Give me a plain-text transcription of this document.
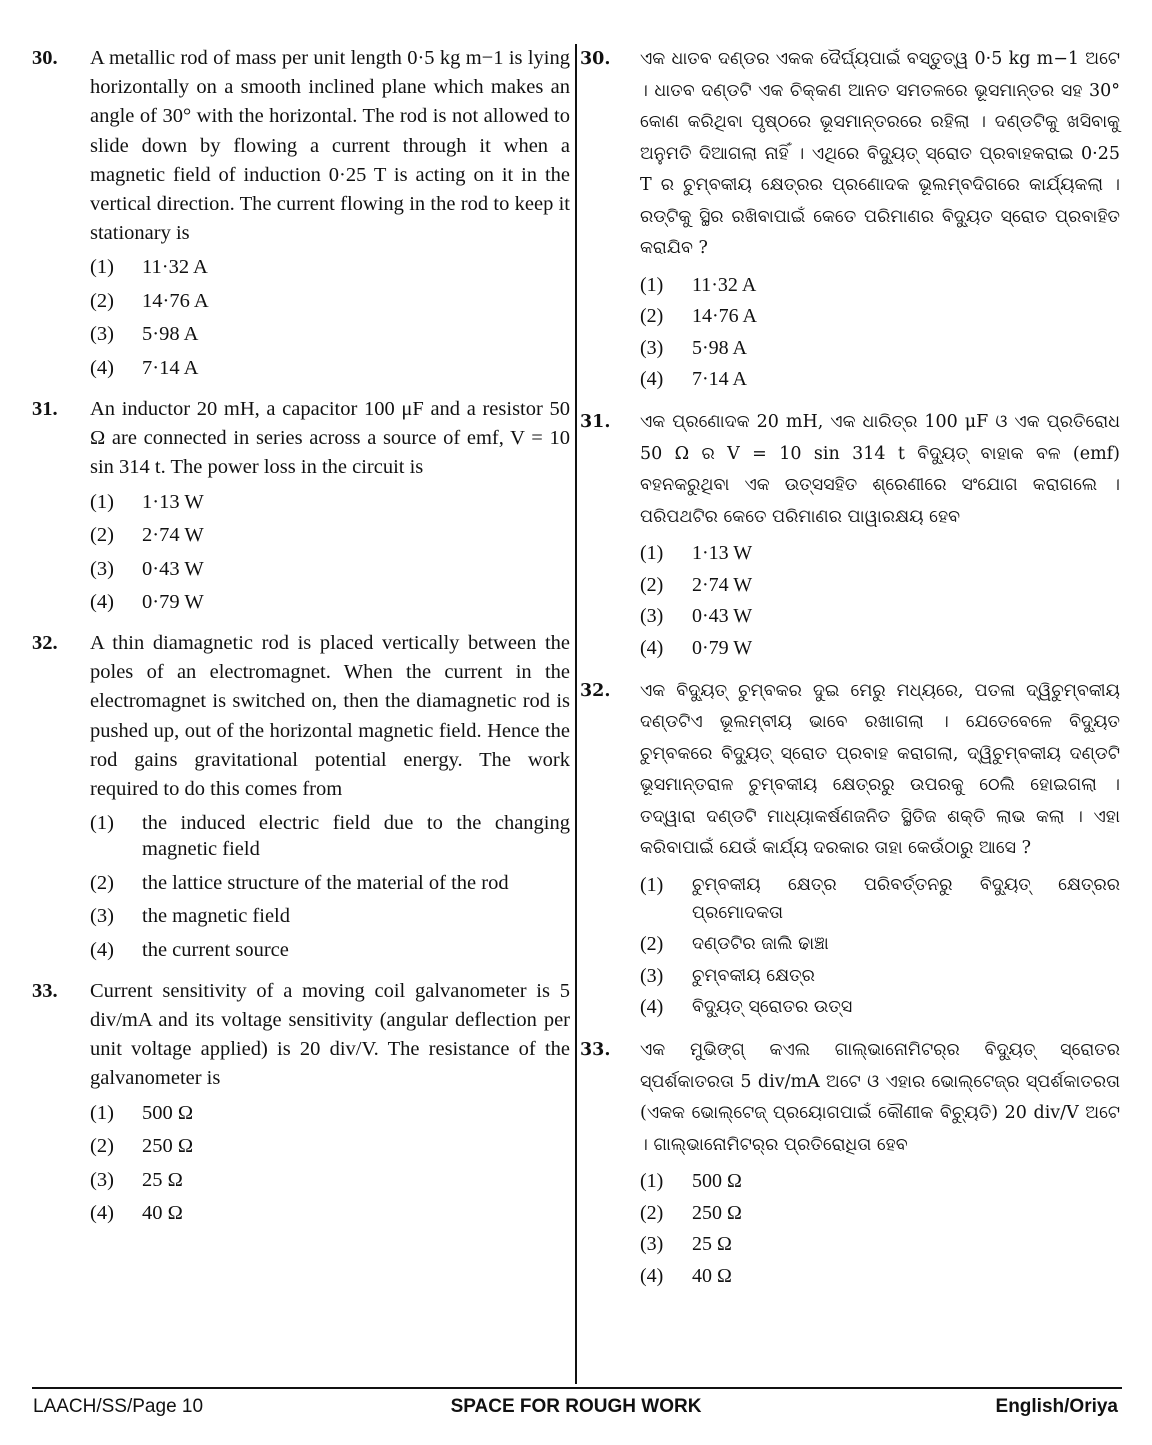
30. A metallic rod of mass per unit length 0·5 kg m−1 is lying horizontally on a smooth inclined plane which makes an angle of 30° with the horizontal. The rod is not allowed to slide down by flowing a current through it when a magnetic field of induction 0·25 T is acting on it in the vertical direction. The current flowing in the rod to keep it stationary is
(1) 11·32 A
(2) 14·76 A
(3) 5·98 A
(4) 7·14 A
31. An inductor 20 mH, a capacitor 100 μF and a resistor 50 Ω are connected in series across a source of emf, V = 10 sin 314 t. The power loss in the circuit is
(1) 1·13 W
(2) 2·74 W
(3) 0·43 W
(4) 0·79 W
32. A thin diamagnetic rod is placed vertically between the poles of an electromagnet. When the current in the electromagnet is switched on, then the diamagnetic rod is pushed up, out of the horizontal magnetic field. Hence the rod gains gravitational potential energy. The work required to do this comes from
(1) the induced electric field due to the changing magnetic field
(2) the lattice structure of the material of the rod
(3) the magnetic field
(4) the current source
33. Current sensitivity of a moving coil galvanometer is 5 div/mA and its voltage sensitivity (angular deflection per unit voltage applied) is 20 div/V. The resistance of the galvanometer is
(1) 500 Ω
(2) 250 Ω
(3) 25 Ω
(4) 40 Ω
30. ଏକ ଧାତବ ଦଣ୍ଡର ଏକକ ଦୈର୍ଘ୍ୟପାଇଁ ବସ୍ତୁତ୍ୱ 0·5 kg m−1 ଅଟେ । ଧାତବ ଦଣ୍ଡଟି ଏକ ଚିକ୍‌କଣ ଆନତ ସମତଳରେ ଭୂସମାନ୍ତର ସହ 30° କୋଣ କରିଥିବା ପୃଷ୍ଠରେ ଭୂସମାନ୍ତରରେ ରହିଲା । ଦଣ୍ଡଟିକୁ ଖସିବାକୁ ଅନୁମତି ଦିଆଗଲା ନାହିଁ । ଏଥିରେ ବିଦ୍ୟୁତ୍ ସ୍ରୋତ ପ୍ରବାହକରାଇ 0·25 T ର ଚୁମ୍ବକୀୟ କ୍ଷେତ୍ରର ପ୍ରଣୋଦକ ଭୂଲମ୍ବଦିଗରେ କାର୍ଯ୍ୟକଲା । ରଡ୍‌ଟିକୁ ସ୍ଥିର ରଖିବାପାଇଁ କେତେ ପରିମାଣର ବିଦ୍ୟୁତ ସ୍ରୋତ ପ୍ରବାହିତ କରାଯିବ ?
(1) 11·32 A
(2) 14·76 A
(3) 5·98 A
(4) 7·14 A
31. ଏକ ପ୍ରଣୋଦକ 20 mH, ଏକ ଧାରିତ୍ର 100 μF ଓ ଏକ ପ୍ରତିରୋଧ 50 Ω ର V = 10 sin 314 t ବିଦ୍ୟୁତ୍ ବାହାକ ବଳ (emf) ବହନକରୁଥିବା ଏକ ଉତ୍ସସହିତ ଶ୍ରେଣୀରେ ସଂଯୋଗ କରାଗଲେ । ପରିପଥଟିର କେତେ ପରିମାଣର ପାୱାରକ୍ଷୟ ହେବ
(1) 1·13 W
(2) 2·74 W
(3) 0·43 W
(4) 0·79 W
32. ଏକ ବିଦ୍ୟୁତ୍ ଚୁମ୍ବକର ଦୁଇ ମେରୁ ମଧ୍ୟରେ, ପତଳା ଦ୍ୱିଚୁମ୍ବକୀୟ ଦଣ୍ଡଟିଏ ଭୂଲମ୍ବୀୟ ଭାବେ ରଖାଗଲା । ଯେତେବେଳେ ବିଦ୍ୟୁତ ଚୁମ୍ବକରେ ବିଦ୍ୟୁତ୍ ସ୍ରୋତ ପ୍ରବାହ କରାଗଲା, ଦ୍ୱିଚୁମ୍ବକୀୟ ଦଣ୍ଡଟି ଭୂସମାନ୍ତରାଳ ଚୁମ୍ବକୀୟ କ୍ଷେତ୍ରରୁ ଉପରକୁ ଠେଲି ହୋଇଗଲା । ତଦ୍ୱାରା ଦଣ୍ଡଟି ମାଧ୍ୟାକର୍ଷଣଜନିତ ସ୍ଥିତିଜ ଶକ୍ତି ଲାଭ କଲା । ଏହା କରିବାପାଇଁ ଯେଉଁ କାର୍ଯ୍ୟ ଦରକାର ତାହା କେଉଁଠାରୁ ଆସେ ?
(1) ଚୁମ୍ବକୀୟ କ୍ଷେତ୍ର ପରିବର୍ତ୍ତନରୁ ବିଦ୍ୟୁତ୍ କ୍ଷେତ୍ରର ପ୍ରମୋଦକତା
(2) ଦଣ୍ଡଟିର ଜାଲି ଢାଞ୍ଚା
(3) ଚୁମ୍ବକୀୟ କ୍ଷେତ୍ର
(4) ବିଦ୍ୟୁତ୍ ସ୍ରୋତର ଉତ୍ସ
33. ଏକ ମୁଭିଙ୍ଗ୍ କଏଲ ଗାଲ୍‌ଭାନୋମିଟର୍‌ର ବିଦ୍ୟୁତ୍ ସ୍ରୋତର ସ୍ପର୍ଶକାତରତା 5 div/mA ଅଟେ ଓ ଏହାର ଭୋଲ୍‌ଟେଜ୍‌ର ସ୍ପର୍ଶକାତରତା (ଏକକ ଭୋଲ୍‌ଟେଜ୍ ପ୍ରୟୋଗପାଇଁ କୌଣୀକ ବିଚ୍ୟୁତି) 20 div/V ଅଟେ । ଗାଲ୍‌ଭାନୋମିଟର୍‌ର ପ୍ରତିରୋଧିତା ହେବ
(1) 500 Ω
(2) 250 Ω
(3) 25 Ω
(4) 40 Ω
LAACH/SS/Page 10	SPACE FOR ROUGH WORK	English/Oriya
